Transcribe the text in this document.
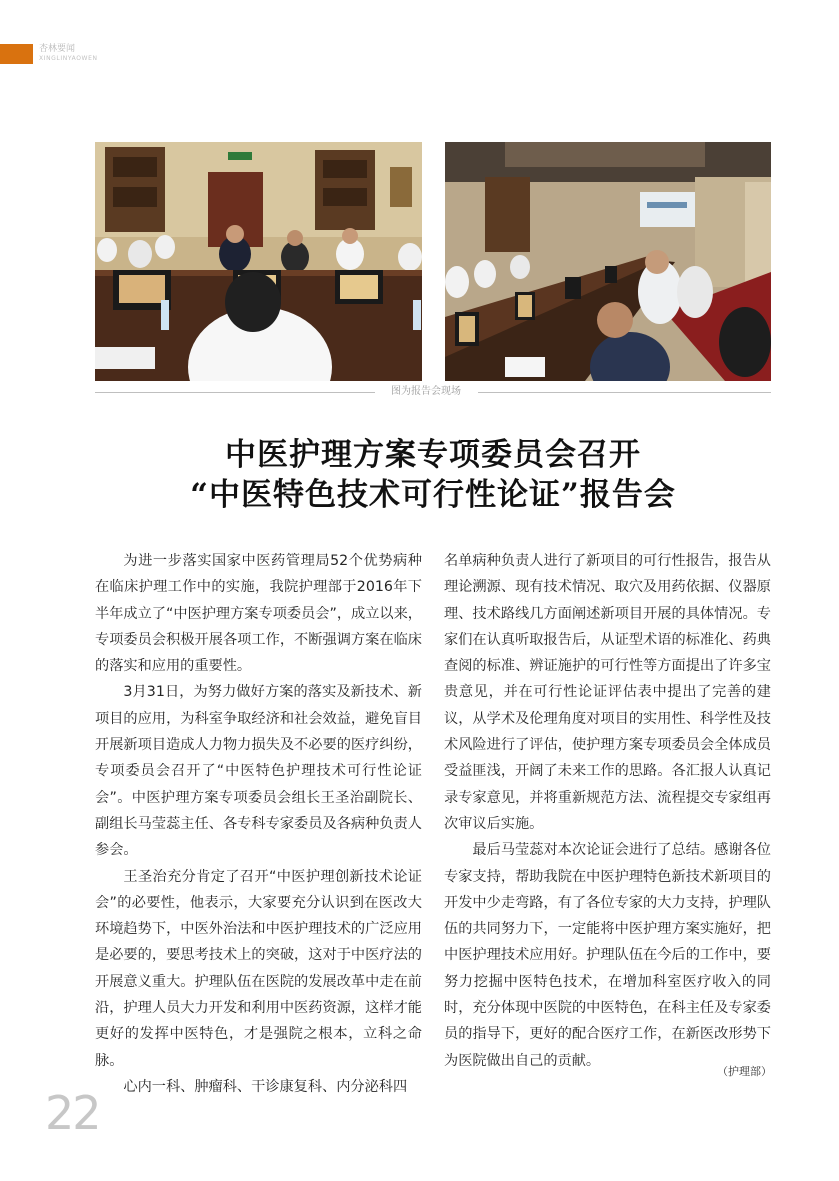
杏林要闻
XINGLINYAOWEN
图为报告会现场
中医护理方案专项委员会召开
“中医特色技术可行性论证”报告会

为进一步落实国家中医药管理局52个优势病种在临床护理工作中的实施，我院护理部于2016年下半年成立了“中医护理方案专项委员会”，成立以来，专项委员会积极开展各项工作，不断强调方案在临床的落实和应用的重要性。

3月31日，为努力做好方案的落实及新技术、新项目的应用，为科室争取经济和社会效益，避免盲目开展新项目造成人力物力损失及不必要的医疗纠纷，专项委员会召开了“中医特色护理技术可行性论证会”。中医护理方案专项委员会组长王圣治副院长、副组长马莹蕊主任、各专科专家委员及各病种负责人参会。

王圣治充分肯定了召开“中医护理创新技术论证会”的必要性，他表示，大家要充分认识到在医改大环境趋势下，中医外治法和中医护理技术的广泛应用是必要的，要思考技术上的突破，这对于中医疗法的开展意义重大。护理队伍在医院的发展改革中走在前沿，护理人员大力开发和利用中医药资源，这样才能更好的发挥中医特色，才是强院之根本，立科之命脉。

心内一科、肿瘤科、干诊康复科、内分泌科四

名单病种负责人进行了新项目的可行性报告，报告从理论溯源、现有技术情况、取穴及用药依据、仪器原理、技术路线几方面阐述新项目开展的具体情况。专家们在认真听取报告后，从证型术语的标准化、药典查阅的标准、辨证施护的可行性等方面提出了许多宝贵意见，并在可行性论证评估表中提出了完善的建议，从学术及伦理角度对项目的实用性、科学性及技术风险进行了评估，使护理方案专项委员会全体成员受益匪浅，开阔了未来工作的思路。各汇报人认真记录专家意见，并将重新规范方法、流程提交专家组再次审议后实施。

最后马莹蕊对本次论证会进行了总结。感谢各位专家支持，帮助我院在中医护理特色新技术新项目的开发中少走弯路，有了各位专家的大力支持，护理队伍的共同努力下，一定能将中医护理方案实施好，把中医护理技术应用好。护理队伍在今后的工作中，要努力挖掘中医特色技术，在增加科室医疗收入的同时，充分体现中医院的中医特色，在科主任及专家委员的指导下，更好的配合医疗工作，在新医改形势下为医院做出自己的贡献。

（护理部）
22
